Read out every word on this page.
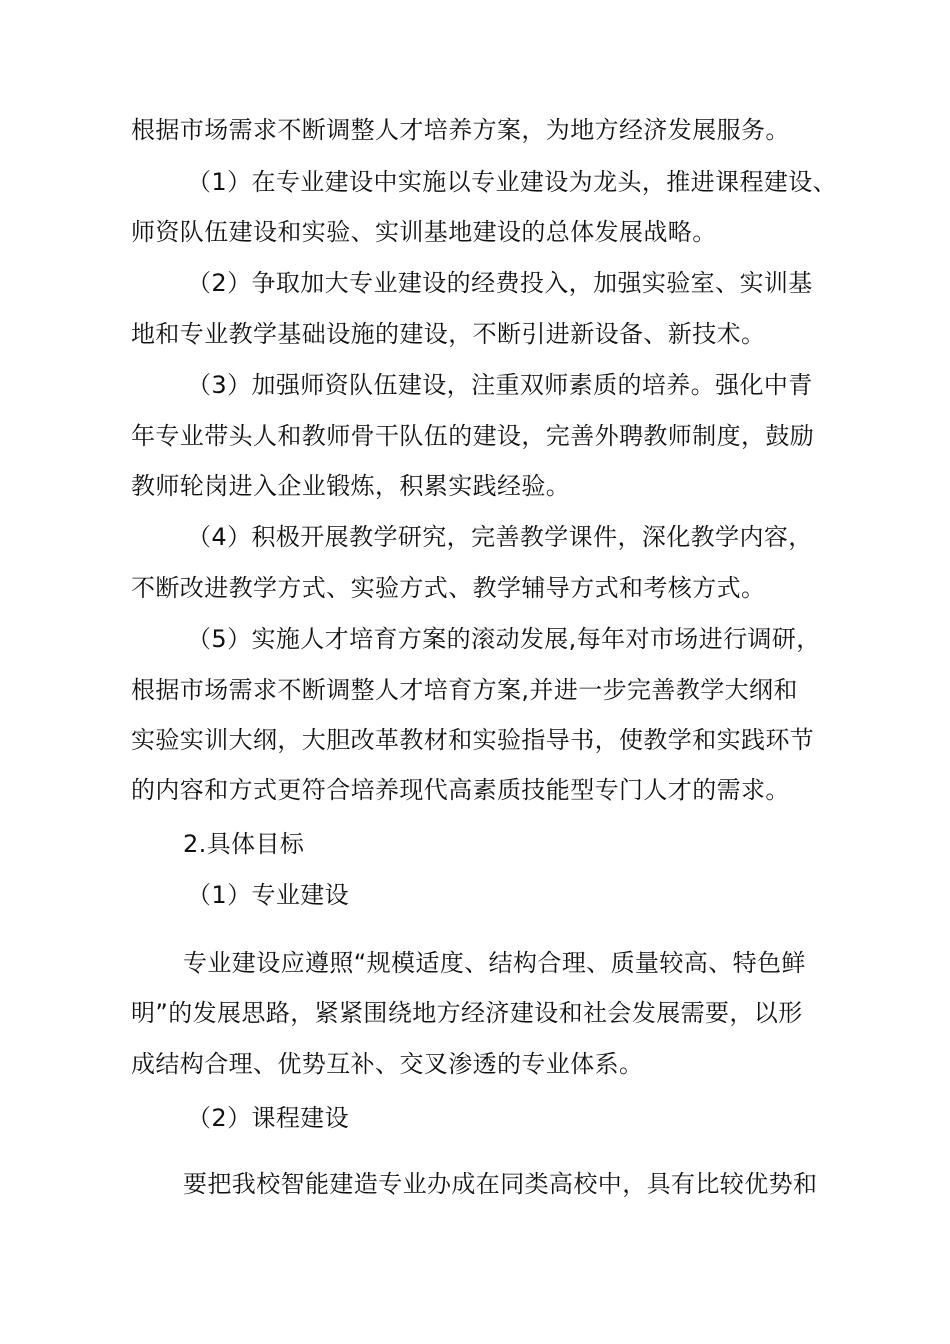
根据市场需求不断调整人才培养方案，为地方经济发展服务。
（1）在专业建设中实施以专业建设为龙头，推进课程建设、
师资队伍建设和实验、实训基地建设的总体发展战略。
（2）争取加大专业建设的经费投入，加强实验室、实训基
地和专业教学基础设施的建设，不断引进新设备、新技术。
（3）加强师资队伍建设，注重双师素质的培养。强化中青
年专业带头人和教师骨干队伍的建设，完善外聘教师制度，鼓励
教师轮岗进入企业锻炼，积累实践经验。
（4）积极开展教学研究，完善教学课件，深化教学内容，
不断改进教学方式、实验方式、教学辅导方式和考核方式。
（5）实施人才培育方案的滚动发展,每年对市场进行调研，
根据市场需求不断调整人才培育方案,并进一步完善教学大纲和
实验实训大纲，大胆改革教材和实验指导书，使教学和实践环节
的内容和方式更符合培养现代高素质技能型专门人才的需求。
2.具体目标
（1）专业建设
专业建设应遵照“规模适度、结构合理、质量较高、特色鲜
明”的发展思路，紧紧围绕地方经济建设和社会发展需要，以形
成结构合理、优势互补、交叉渗透的专业体系。
（2）课程建设
要把我校智能建造专业办成在同类高校中，具有比较优势和
